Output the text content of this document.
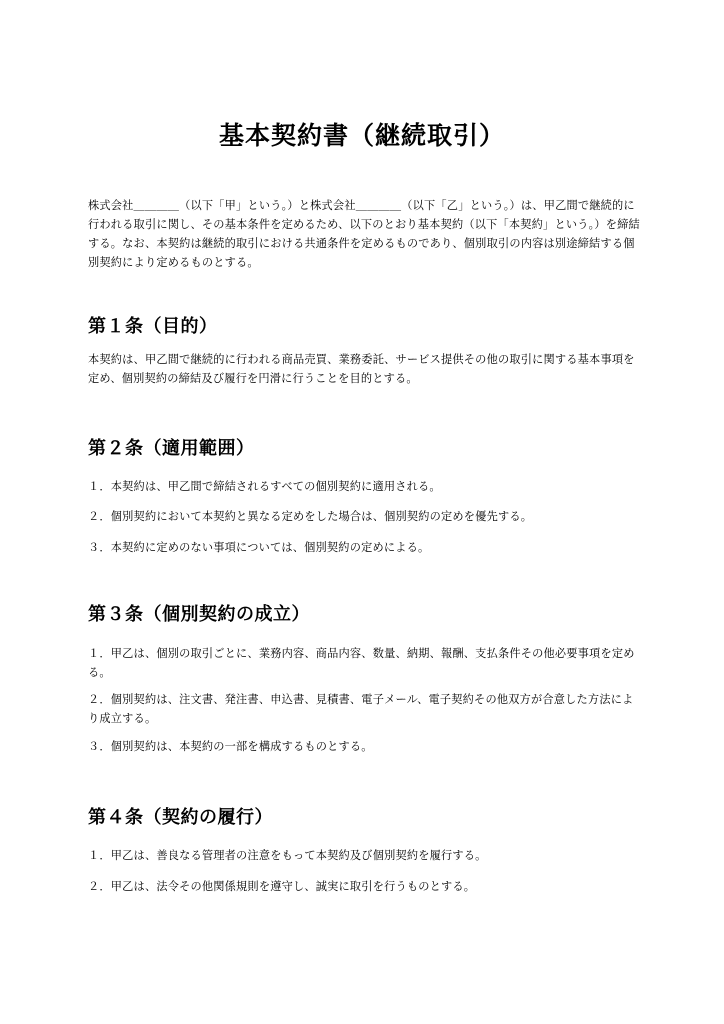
基本契約書（継続取引）

株式会社＿＿＿＿（以下「甲」という。）と株式会社＿＿＿＿（以下「乙」という。）は、甲乙間で継続的に行われる取引に関し、その基本条件を定めるため、以下のとおり基本契約（以下「本契約」という。）を締結する。なお、本契約は継続的取引における共通条件を定めるものであり、個別取引の内容は別途締結する個別契約により定めるものとする。

第１条（目的）

本契約は、甲乙間で継続的に行われる商品売買、業務委託、サービス提供その他の取引に関する基本事項を定め、個別契約の締結及び履行を円滑に行うことを目的とする。

第２条（適用範囲）

１．本契約は、甲乙間で締結されるすべての個別契約に適用される。

２．個別契約において本契約と異なる定めをした場合は、個別契約の定めを優先する。

３．本契約に定めのない事項については、個別契約の定めによる。

第３条（個別契約の成立）

１．甲乙は、個別の取引ごとに、業務内容、商品内容、数量、納期、報酬、支払条件その他必要事項を定める。

２．個別契約は、注文書、発注書、申込書、見積書、電子メール、電子契約その他双方が合意した方法により成立する。

３．個別契約は、本契約の一部を構成するものとする。

第４条（契約の履行）

１．甲乙は、善良なる管理者の注意をもって本契約及び個別契約を履行する。

２．甲乙は、法令その他関係規則を遵守し、誠実に取引を行うものとする。
